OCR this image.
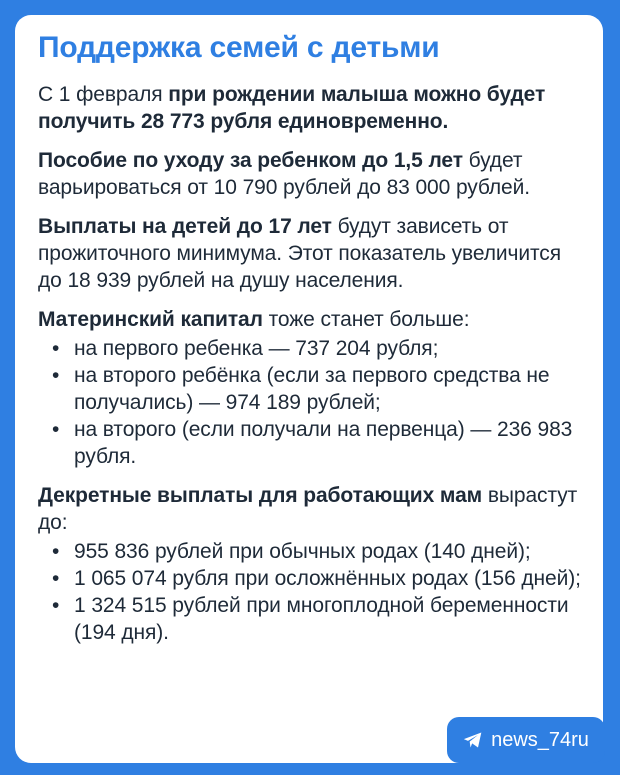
Поддержка семей с детьми

С 1 февраля при рождении малыша можно будет получить 28 773 рубля единовременно.

Пособие по уходу за ребенком до 1,5 лет будет варьироваться от 10 790 рублей до 83 000 рублей.

Выплаты на детей до 17 лет будут зависеть от прожиточного минимума. Этот показатель увеличится до 18 939 рублей на душу населения.

Материнский капитал тоже станет больше:

• на первого ребенка — 737 204 рубля;
• на второго ребёнка (если за первого средства не получались) — 974 189 рублей;
• на второго (если получали на первенца) — 236 983 рубля.

Декретные выплаты для работающих мам вырастут до:

• 955 836 рублей при обычных родах (140 дней);
• 1 065 074 рубля при осложнённых родах (156 дней);
• 1 324 515 рублей при многоплодной беременности (194 дня).
news_74ru
